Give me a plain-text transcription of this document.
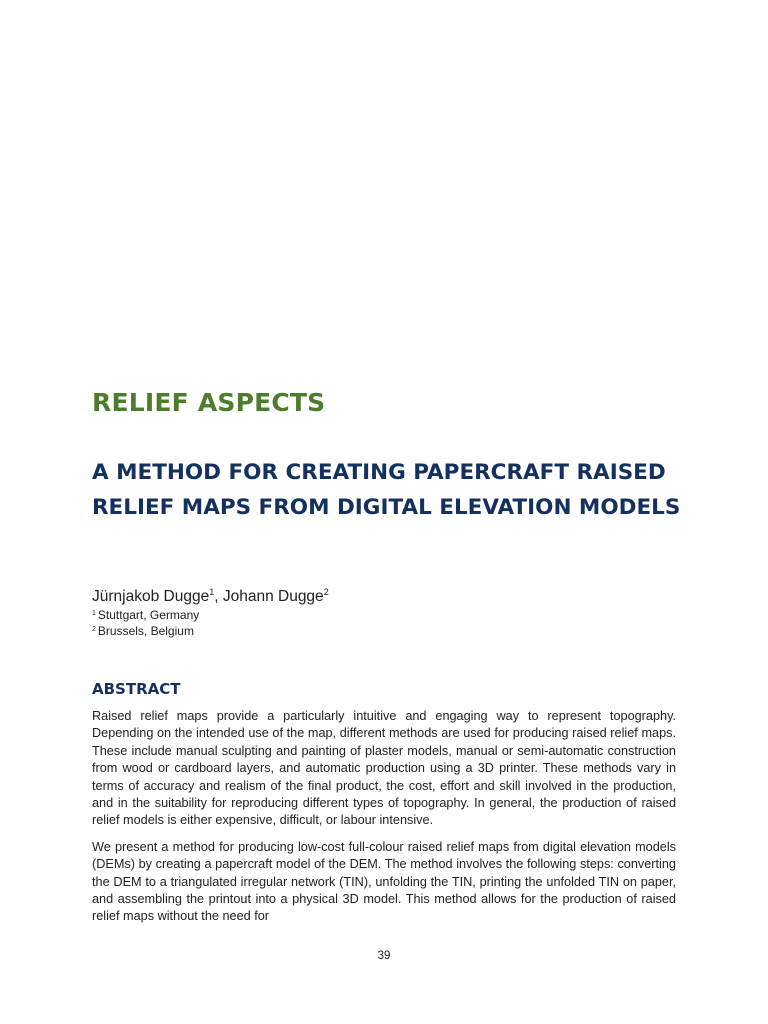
RELIEF ASPECTS
A METHOD FOR CREATING PAPERCRAFT RAISED RELIEF MAPS FROM DIGITAL ELEVATION MODELS
Jürnjakob Dugge$^1$, Johann Dugge$^2$
$^1$ Stuttgart, Germany
$^2$ Brussels, Belgium
ABSTRACT

Raised relief maps provide a particularly intuitive and engaging way to represent topography. Depending on the intended use of the map, different methods are used for producing raised relief maps. These include manual sculpting and painting of plaster models, manual or semi-automatic construction from wood or cardboard layers, and automatic production using a 3D printer. These methods vary in terms of accuracy and realism of the final product, the cost, effort and skill involved in the production, and in the suitability for reproducing different types of topography. In general, the production of raised relief models is either expensive, difficult, or labour intensive.

We present a method for producing low-cost full-colour raised relief maps from digital elevation models (DEMs) by creating a papercraft model of the DEM. The method involves the following steps: converting the DEM to a triangulated irregular network (TIN), unfolding the TIN, printing the unfolded TIN on paper, and assembling the printout into a physical 3D model. This method allows for the production of raised relief maps without the need for

39
